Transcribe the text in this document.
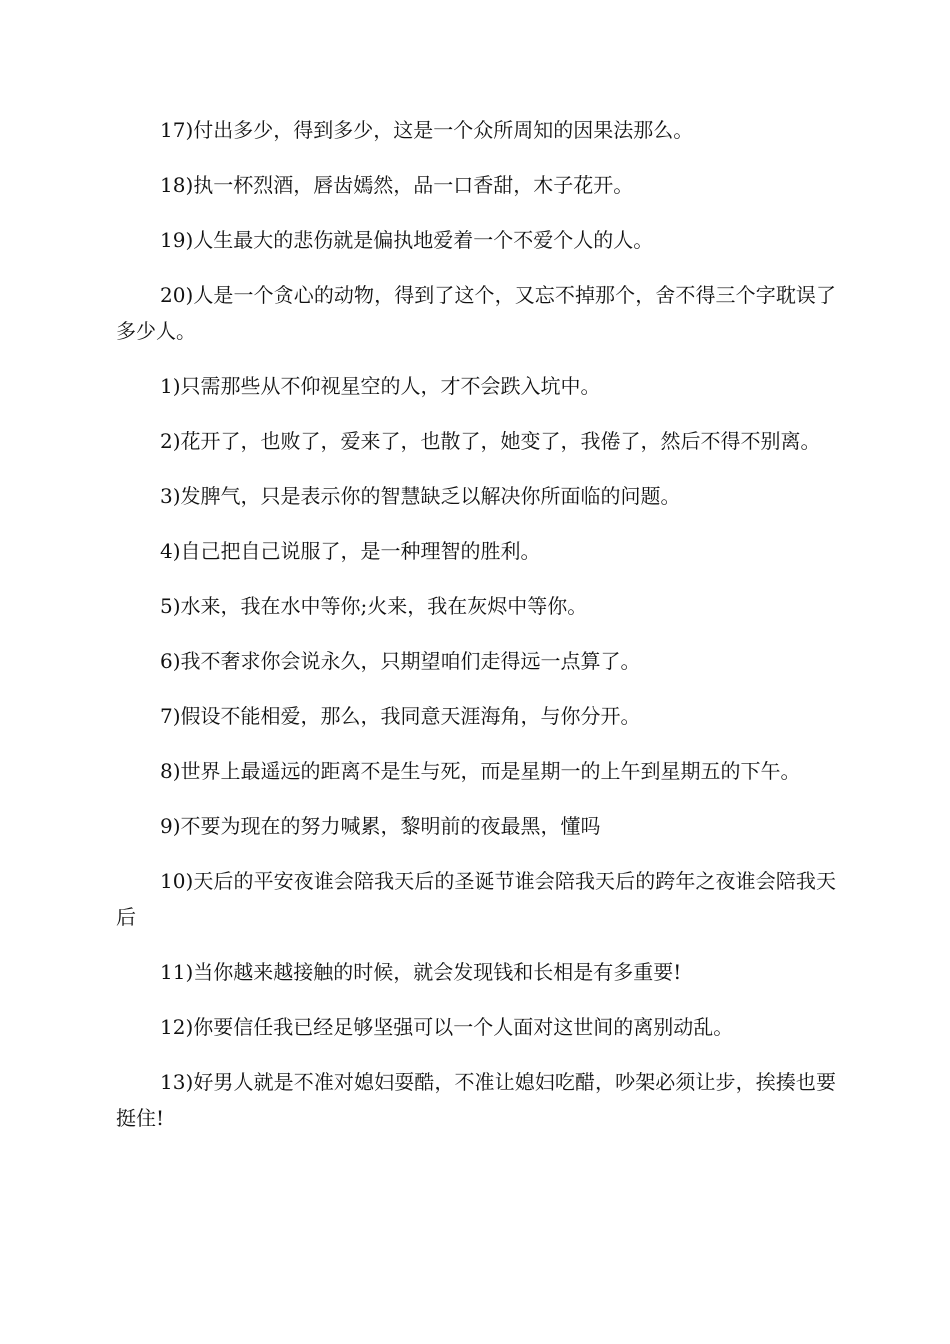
17)付出多少，得到多少，这是一个众所周知的因果法那么。

18)执一杯烈酒，唇齿嫣然，品一口香甜，木子花开。

19)人生最大的悲伤就是偏执地爱着一个不爱个人的人。

20)人是一个贪心的动物，得到了这个，又忘不掉那个，舍不得三个字耽误了多少人。

1)只需那些从不仰视星空的人，才不会跌入坑中。

2)花开了，也败了，爱来了，也散了，她变了，我倦了，然后不得不别离。

3)发脾气，只是表示你的智慧缺乏以解决你所面临的问题。

4)自己把自己说服了，是一种理智的胜利。

5)水来，我在水中等你;火来，我在灰烬中等你。

6)我不奢求你会说永久，只期望咱们走得远一点算了。

7)假设不能相爱，那么，我同意天涯海角，与你分开。

8)世界上最遥远的距离不是生与死，而是星期一的上午到星期五的下午。

9)不要为现在的努力喊累，黎明前的夜最黑，懂吗

10)天后的平安夜谁会陪我天后的圣诞节谁会陪我天后的跨年之夜谁会陪我天后

11)当你越来越接触的时候，就会发现钱和长相是有多重要!

12)你要信任我已经足够坚强可以一个人面对这世间的离别动乱。

13)好男人就是不准对媳妇耍酷，不准让媳妇吃醋，吵架必须让步，挨揍也要挺住!
